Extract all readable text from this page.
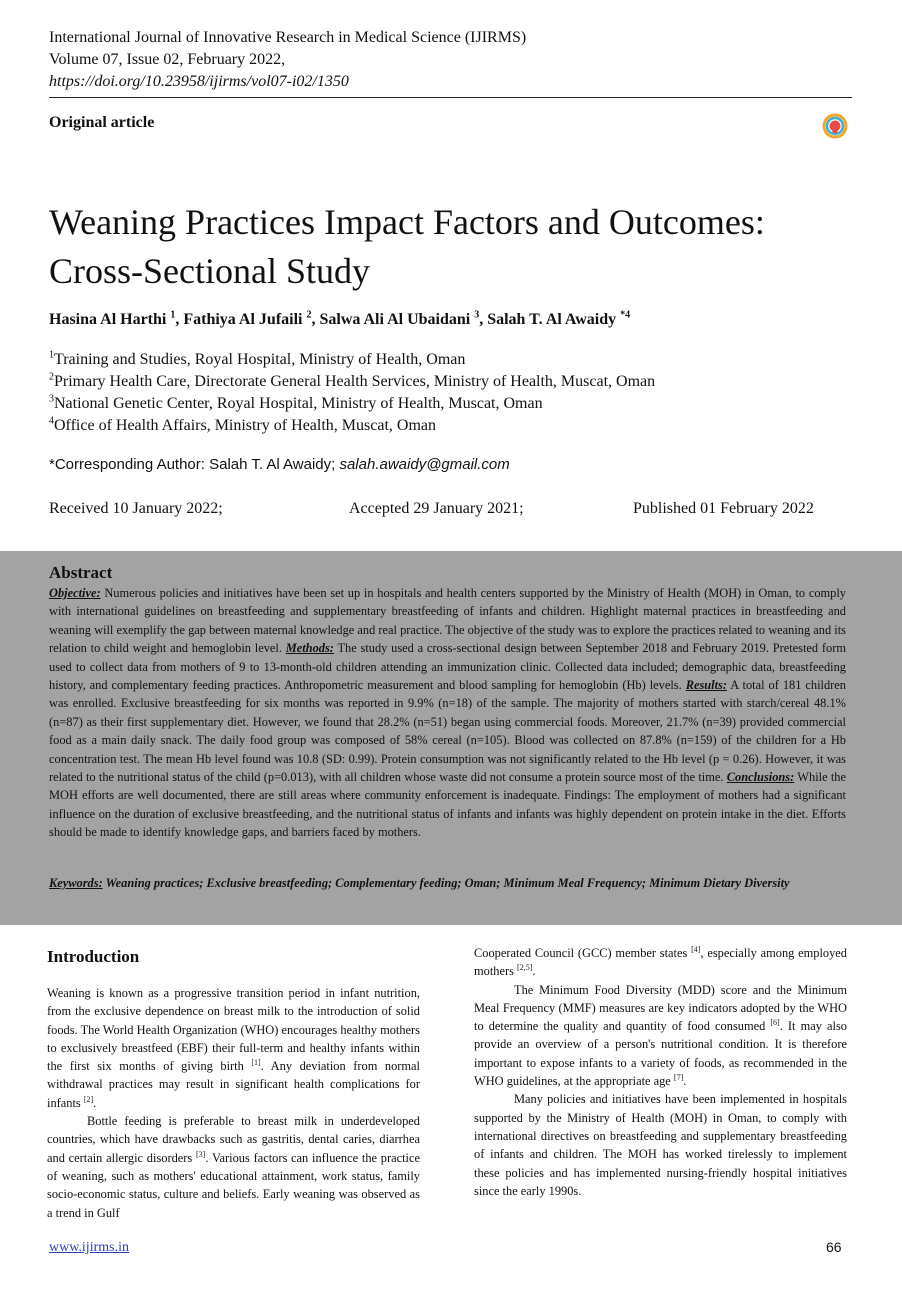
International Journal of Innovative Research in Medical Science (IJIRMS)
Volume 07, Issue 02, February 2022,
https://doi.org/10.23958/ijirms/vol07-i02/1350
Original article
Weaning Practices Impact Factors and Outcomes:
Cross-Sectional Study
Hasina Al Harthi $^1$, Fathiya Al Jufaili $^2$, Salwa Ali Al Ubaidani $^3$, Salah T. Al Awaidy $^{*4}$
$^1$Training and Studies, Royal Hospital, Ministry of Health, Oman
$^2$Primary Health Care, Directorate General Health Services, Ministry of Health, Muscat, Oman
$^3$National Genetic Center, Royal Hospital, Ministry of Health, Muscat, Oman
$^4$Office of Health Affairs, Ministry of Health, Muscat, Oman
*Corresponding Author: Salah T. Al Awaidy; salah.awaidy@gmail.com
Received 10 January 2022;	Accepted 29 January 2021;	Published 01 February 2022
Abstract
Objective: Numerous policies and initiatives have been set up in hospitals and health centers supported by the Ministry of Health (MOH) in Oman, to comply with international guidelines on breastfeeding and supplementary breastfeeding of infants and children. Highlight maternal practices in breastfeeding and weaning will exemplify the gap between maternal knowledge and real practice. The objective of the study was to explore the practices related to weaning and its relation to child weight and hemoglobin level. Methods: The study used a cross-sectional design between September 2018 and February 2019. Pretested form used to collect data from mothers of 9 to 13-month-old children attending an immunization clinic. Collected data included; demographic data, breastfeeding history, and complementary feeding practices. Anthropometric measurement and blood sampling for hemoglobin (Hb) levels. Results: A total of 181 children was enrolled. Exclusive breastfeeding for six months was reported in 9.9% (n=18) of the sample. The majority of mothers started with starch/cereal 48.1% (n=87) as their first supplementary diet. However, we found that 28.2% (n=51) began using commercial foods. Moreover, 21.7% (n=39) provided commercial food as a main daily snack. The daily food group was composed of 58% cereal (n=105). Blood was collected on 87.8% (n=159) of the children for a Hb concentration test. The mean Hb level found was 10.8 (SD: 0.99). Protein consumption was not significantly related to the Hb level (p = 0.26). However, it was related to the nutritional status of the child (p=0.013), with all children whose waste did not consume a protein source most of the time. Conclusions: While the MOH efforts are well documented, there are still areas where community enforcement is inadequate. Findings: The employment of mothers had a significant influence on the duration of exclusive breastfeeding, and the nutritional status of infants and infants was highly dependent on protein intake in the diet. Efforts should be made to identify knowledge gaps, and barriers faced by mothers.
Keywords: Weaning practices; Exclusive breastfeeding; Complementary feeding; Oman; Minimum Meal Frequency; Minimum Dietary Diversity
Introduction

Weaning is known as a progressive transition period in infant nutrition, from the exclusive dependence on breast milk to the introduction of solid foods. The World Health Organization (WHO) encourages healthy mothers to exclusively breastfeed (EBF) their full-term and healthy infants within the first six months of giving birth [1]. Any deviation from normal withdrawal practices may result in significant health complications for infants [2].

Bottle feeding is preferable to breast milk in underdeveloped countries, which have drawbacks such as gastritis, dental caries, diarrhea and certain allergic disorders [3]. Various factors can influence the practice of weaning, such as mothers' educational attainment, work status, family socio-economic status, culture and beliefs. Early weaning was observed as a trend in Gulf

Cooperated Council (GCC) member states [4], especially among employed mothers [2,5].

The Minimum Food Diversity (MDD) score and the Minimum Meal Frequency (MMF) measures are key indicators adopted by the WHO to determine the quality and quantity of food consumed [6]. It may also provide an overview of a person's nutritional condition. It is therefore important to expose infants to a variety of foods, as recommended in the WHO guidelines, at the appropriate age [7].

Many policies and initiatives have been implemented in hospitals supported by the Ministry of Health (MOH) in Oman, to comply with international directives on breastfeeding and supplementary breastfeeding of infants and children. The MOH has worked tirelessly to implement these policies and has implemented nursing-friendly hospital initiatives since the early 1990s.

www.ijirms.in	66
